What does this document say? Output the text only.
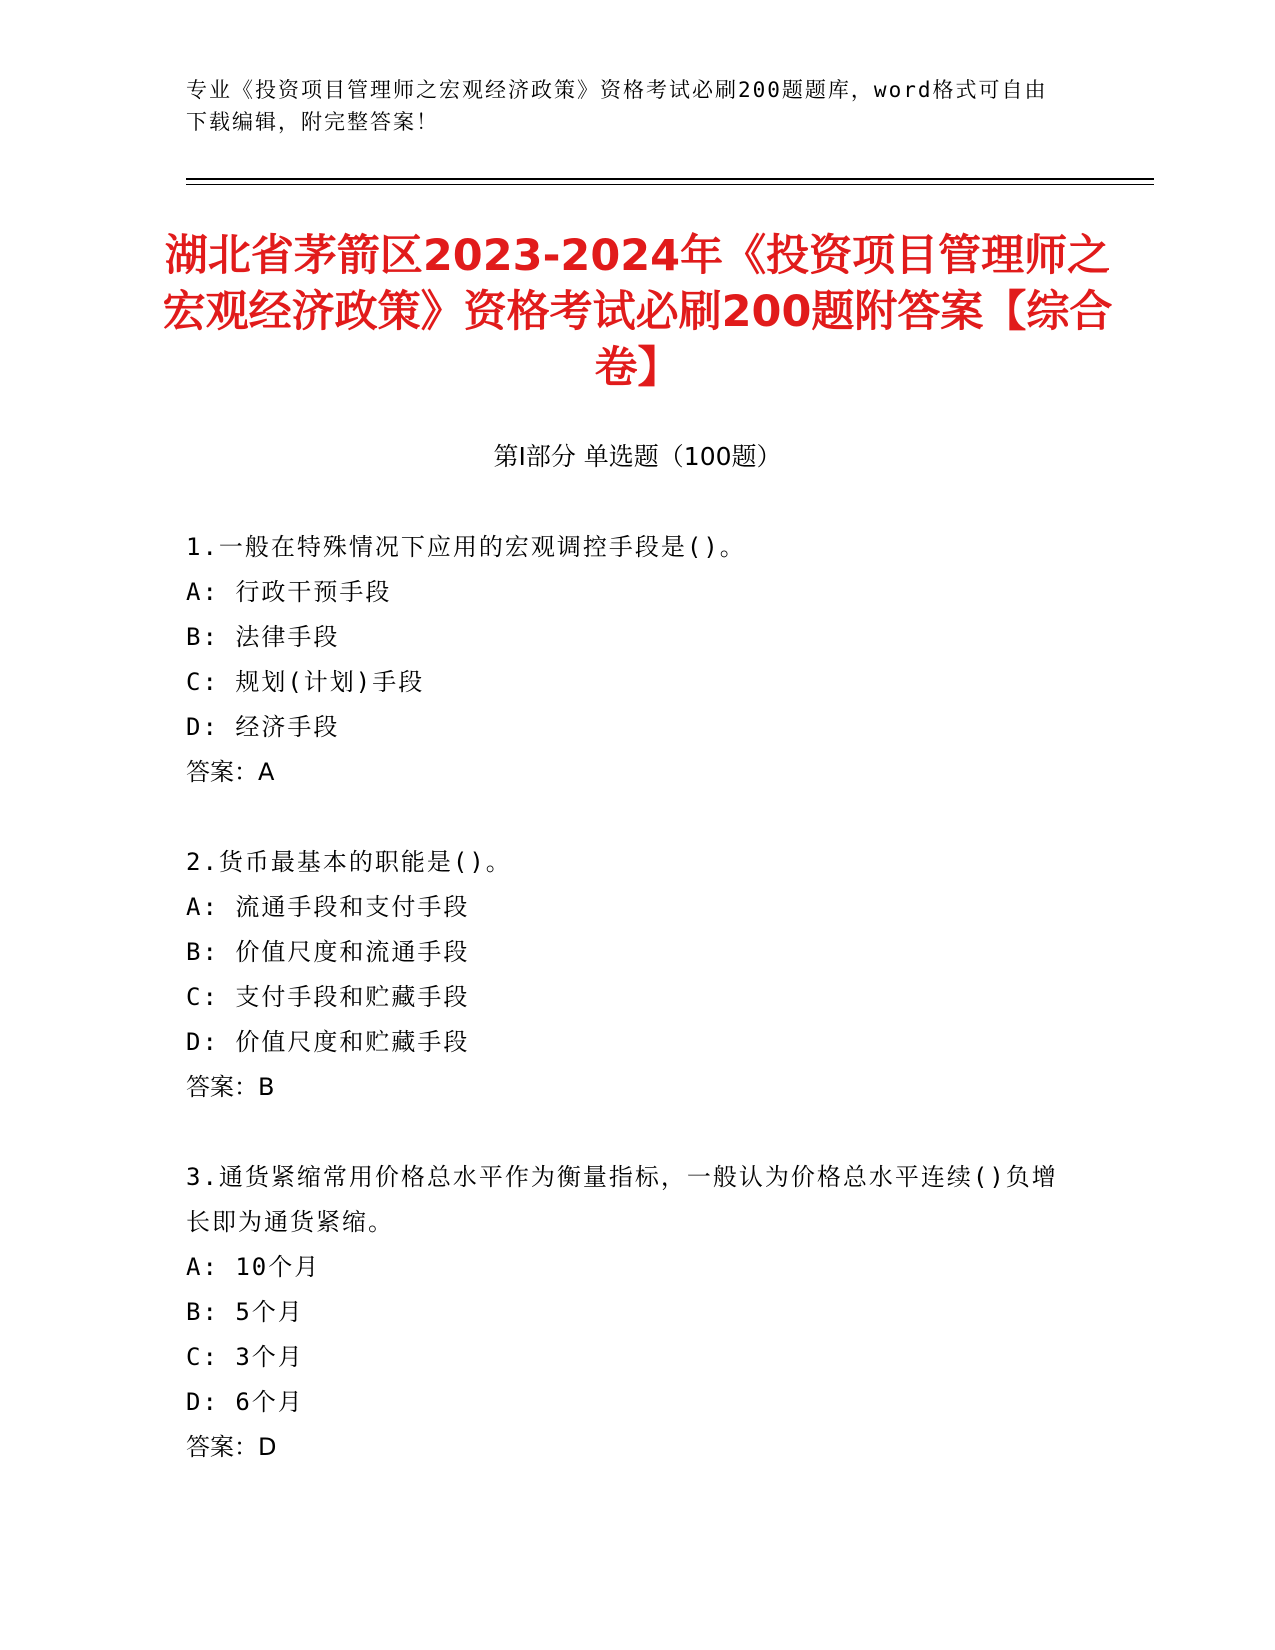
专业《投资项目管理师之宏观经济政策》资格考试必刷200题题库，word格式可自由下载编辑，附完整答案！
湖北省茅箭区2023-2024年《投资项目管理师之宏观经济政策》资格考试必刷200题附答案【综合卷】
第I部分 单选题（100题）
1.一般在特殊情况下应用的宏观调控手段是()。
A: 行政干预手段
B: 法律手段
C: 规划(计划)手段
D: 经济手段
答案：A
2.货币最基本的职能是()。
A: 流通手段和支付手段
B: 价值尺度和流通手段
C: 支付手段和贮藏手段
D: 价值尺度和贮藏手段
答案：B
3.通货紧缩常用价格总水平作为衡量指标，一般认为价格总水平连续()负增长即为通货紧缩。
A: 10个月
B: 5个月
C: 3个月
D: 6个月
答案：D
